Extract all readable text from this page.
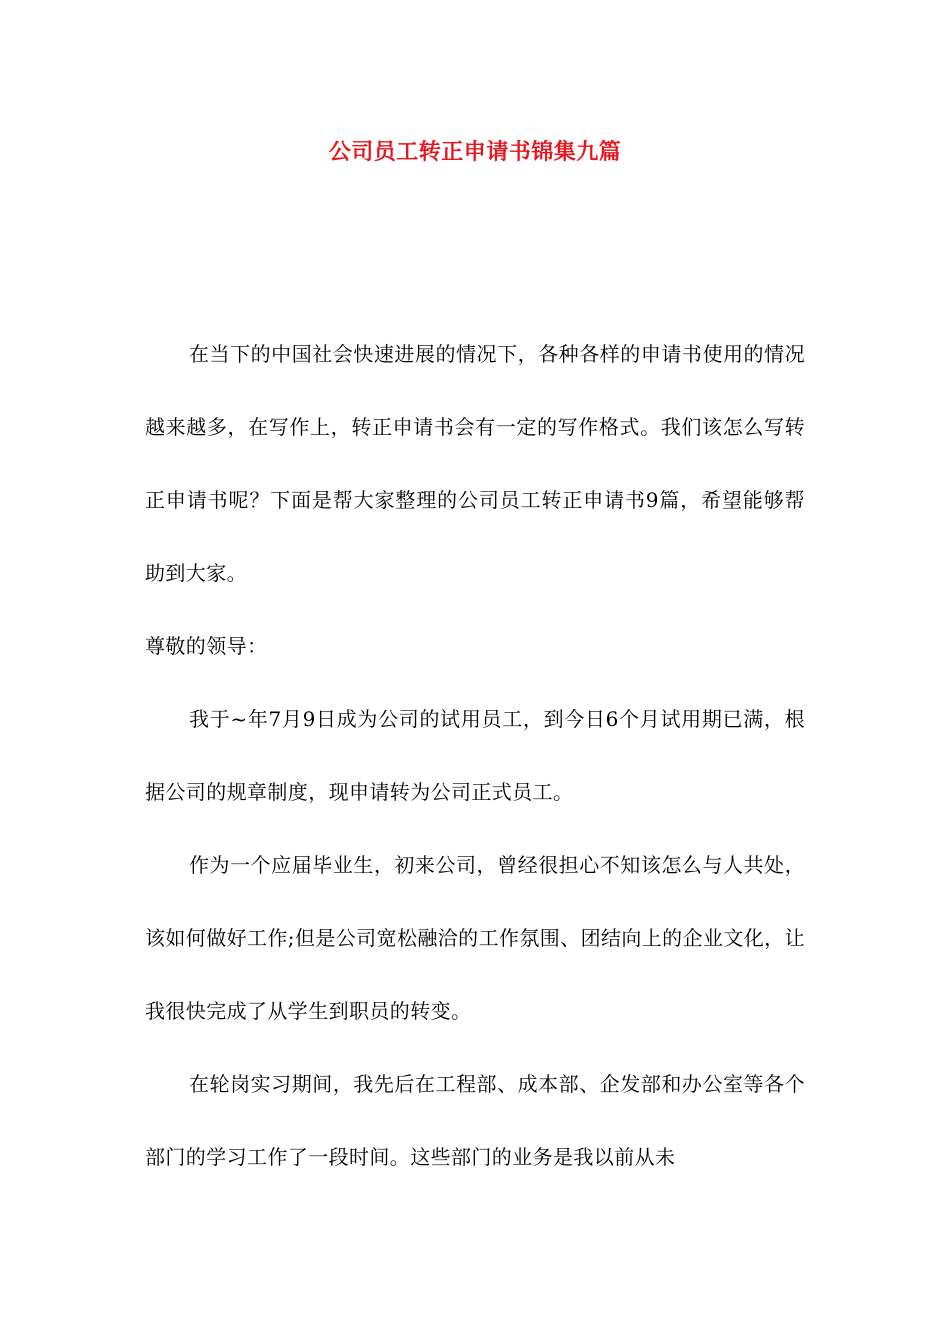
公司员工转正申请书锦集九篇

在当下的中国社会快速进展的情况下，各种各样的申请书使用的情况越来越多，在写作上，转正申请书会有一定的写作格式。我们该怎么写转正申请书呢？下面是帮大家整理的公司员工转正申请书9篇，希望能够帮助到大家。

尊敬的领导：

我于~年7月9日成为公司的试用员工，到今日6个月试用期已满，根据公司的规章制度，现申请转为公司正式员工。

作为一个应届毕业生，初来公司，曾经很担心不知该怎么与人共处，该如何做好工作;但是公司宽松融洽的工作氛围、团结向上的企业文化，让我很快完成了从学生到职员的转变。

在轮岗实习期间，我先后在工程部、成本部、企发部和办公室等各个部门的学习工作了一段时间。这些部门的业务是我以前从未
